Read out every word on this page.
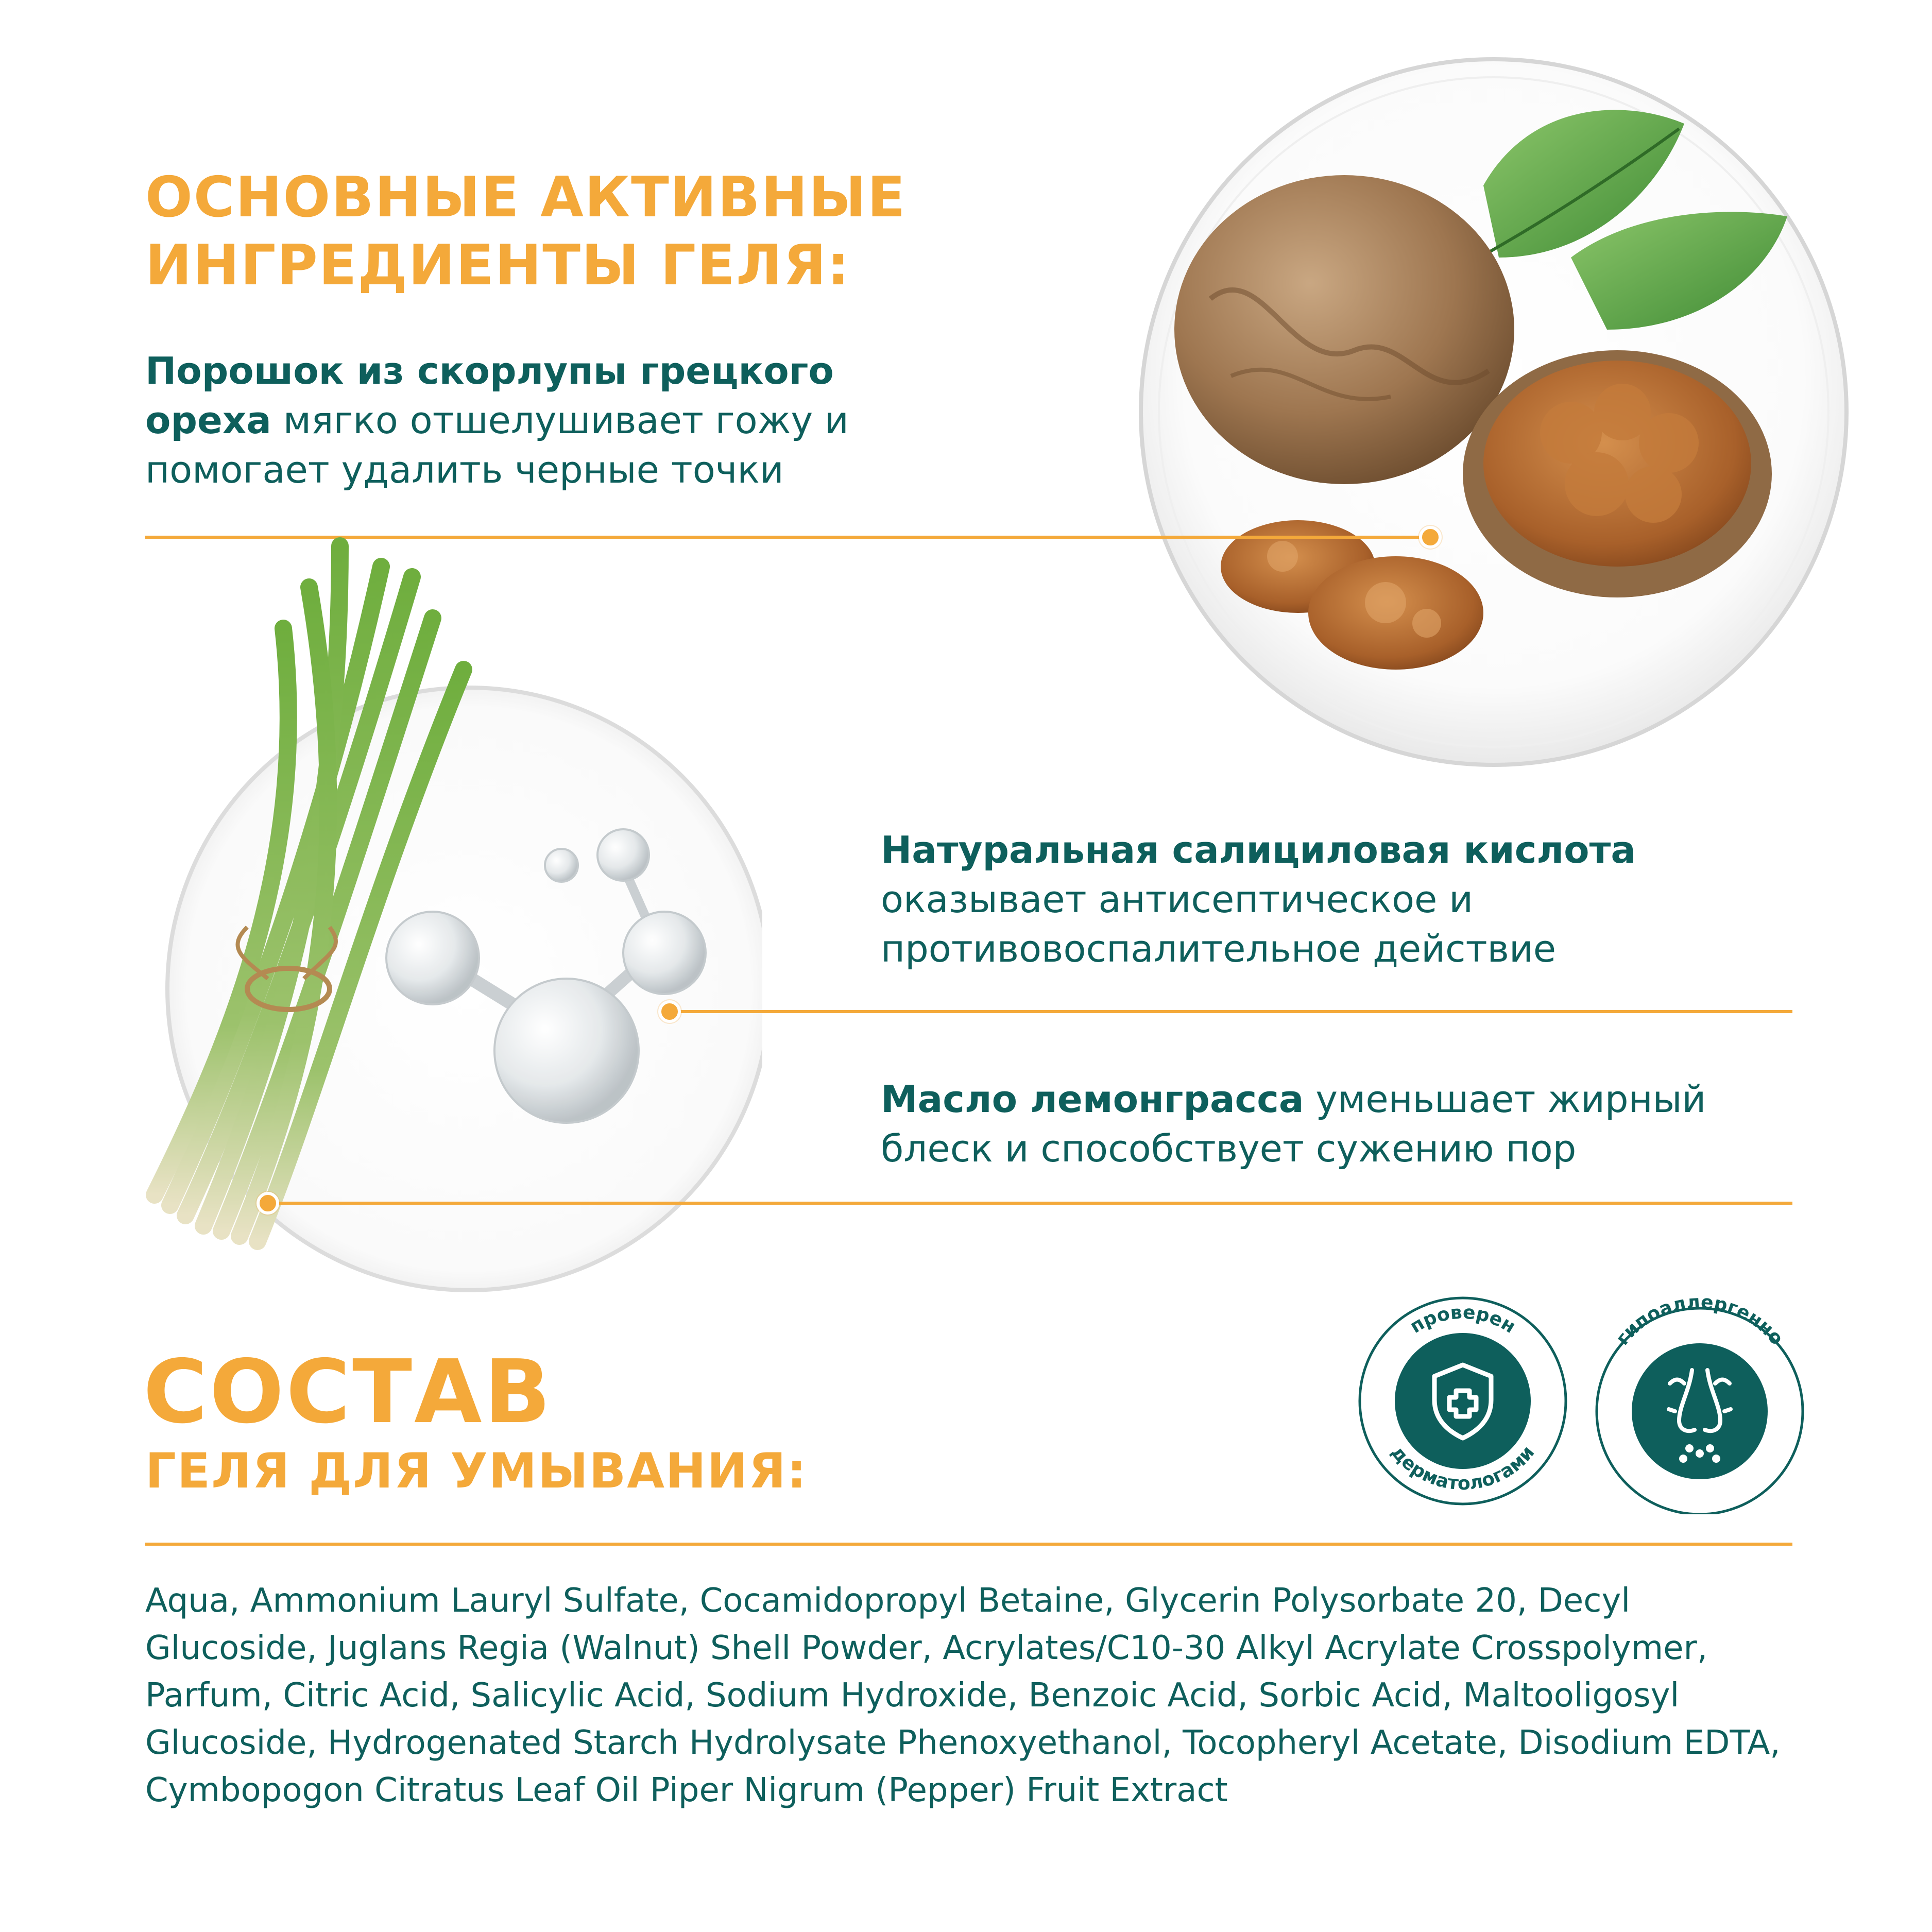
ОСНОВНЫЕ АКТИВНЫЕ
ИНГРЕДИЕНТЫ ГЕЛЯ:
Порошок из скорлупы грецкого ореха мягко отшелушивает гожу и помогает удалить черные точки
Натуральная салициловая кислота оказывает антисептическое и противовоспалительное действие
Масло лемонграсса уменьшает жирный блеск и способствует сужению пор
СОСТАВ
ГЕЛЯ ДЛЯ УМЫВАНИЯ:
проверен
дерматологами
гипоаллергенно
Aqua, Ammonium Lauryl Sulfate, Cocamidopropyl Betaine, Glycerin Polysorbate 20, Decyl Glucoside, Juglans Regia (Walnut) Shell Powder, Acrylates/C10-30 Alkyl Acrylate Crosspolymer, Parfum, Citric Acid, Salicylic Acid, Sodium Hydroxide, Benzoic Acid, Sorbic Acid, Maltooligosyl Glucoside, Hydrogenated Starch Hydrolysate Phenoxyethanol, Tocopheryl Acetate, Disodium EDTA, Cymbopogon Citratus Leaf Oil Piper Nigrum (Pepper) Fruit Extract
